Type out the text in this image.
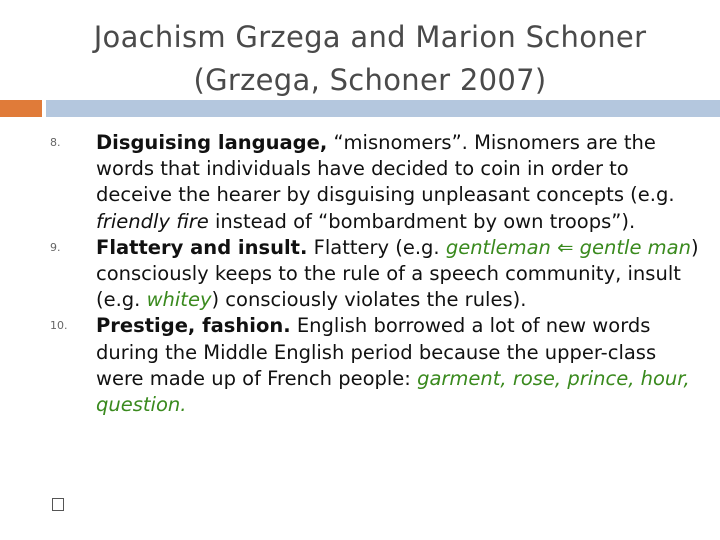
Joachism Grzega and Marion Schoner
(Grzega, Schoner 2007)

8.	Disguising language, “misnomers”. Misnomers are the words that individuals have decided to coin in order to deceive the hearer by disguising unpleasant concepts (e.g. friendly fire instead of “bombardment by own troops”).

9.	Flattery and insult. Flattery (e.g. gentleman ⇐ gentle man) consciously keeps to the rule of a speech community, insult (e.g. whitey) consciously violates the rules).

10.	Prestige, fashion. English borrowed a lot of new words during the Middle English period because the upper-class were made up of French people: garment, rose, prince, hour, question.
